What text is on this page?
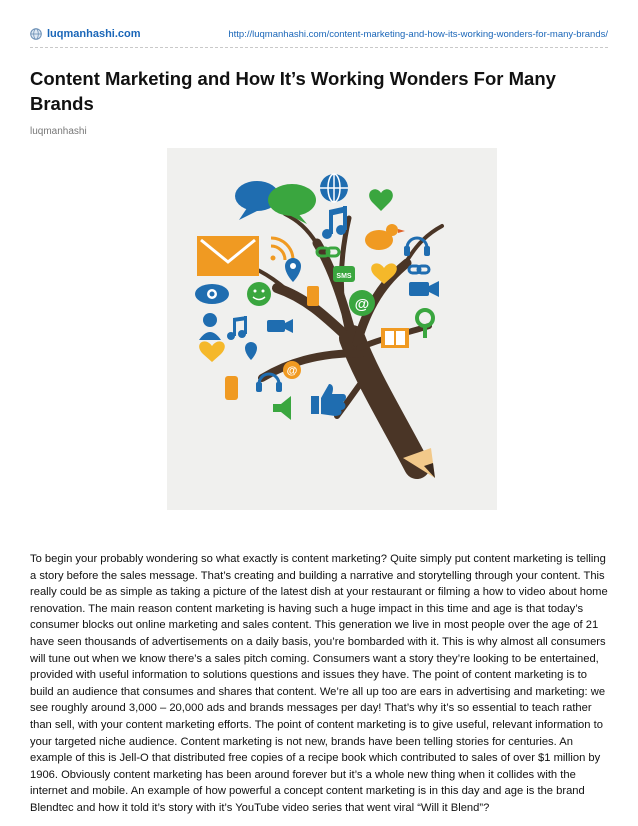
luqmanhashi.com	http://luqmanhashi.com/content-marketing-and-how-its-working-wonders-for-many-brands/
Content Marketing and How It’s Working Wonders For Many Brands
luqmanhashi
SMS
@
@

To begin your probably wondering so what exactly is content marketing? Quite simply put content marketing is telling a story before the sales message. That’s creating and building a narrative and storytelling through your content. This really could be as simple as taking a picture of the latest dish at your restaurant or filming a how to video about home renovation. The main reason content marketing is having such a huge impact in this time and age is that today’s consumer blocks out online marketing and sales content. This generation we live in most people over the age of 21 have seen thousands of advertisements on a daily basis, you’re bombarded with it. This is why almost all consumers will tune out when we know there’s a sales pitch coming. Consumers want a story they’re looking to be entertained, provided with useful information to solutions questions and issues they have. The point of content marketing is to build an audience that consumes and shares that content. We’re all up too are ears in advertising and marketing: we see roughly around 3,000 – 20,000 ads and brands messages per day! That’s why it’s so essential to teach rather than sell, with your content marketing efforts. The point of content marketing is to give useful, relevant information to your targeted niche audience. Content marketing is not new, brands have been telling stories for centuries. An example of this is Jell-O that distributed free copies of a recipe book which contributed to sales of over $1 million by 1906. Obviously content marketing has been around forever but it’s a whole new thing when it collides with the internet and mobile. An example of how powerful a concept content marketing is in this day and age is the brand Blendtec and how it told it’s story with it’s YouTube video series that went viral “Will it Blend”?
